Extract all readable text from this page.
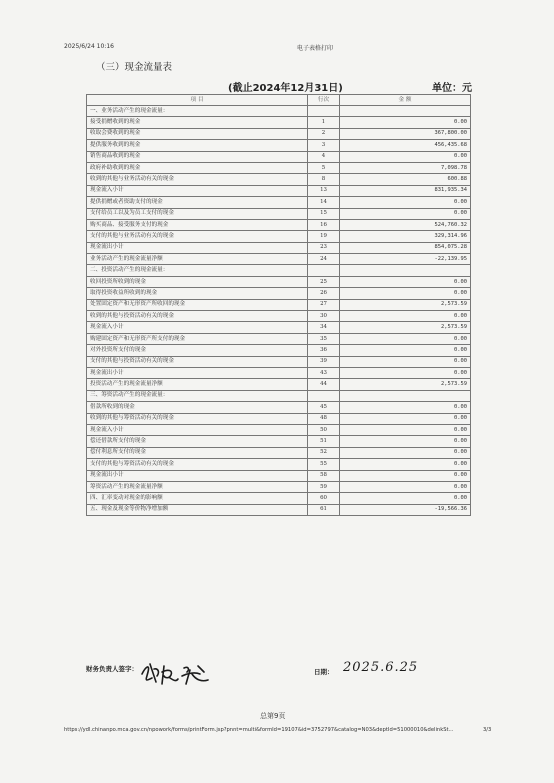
2025/6/24 10:16	电子表格打印
（三）现金流量表
(截止2024年12月31日)	单位：元
项 目	行次	金 额
一、业务活动产生的现金流量：		
接受捐赠收到的现金	1	0.00
收取会费收到的现金	2	367,800.00
提供服务收到的现金	3	456,435.68
销售商品收到的现金	4	0.00
政府补助收到的现金	5	7,098.78
收到的其他与业务活动有关的现金	8	600.88
现金流入小计	13	831,935.34
提供捐赠或者资助支付的现金	14	0.00
支付给员工以及为员工支付的现金	15	0.00
购买商品、接受服务支付的现金	16	524,760.32
支付的其他与业务活动有关的现金	19	329,314.96
现金流出小计	23	854,075.28
业务活动产生的现金流量净额	24	-22,139.95
二、投资活动产生的现金流量：		
收回投资所收到的现金	25	0.00
取得投资收益所收到的现金	26	0.00
处置固定资产和无形资产所收回的现金	27	2,573.59
收到的其他与投资活动有关的现金	30	0.00
现金流入小计	34	2,573.59
购建固定资产和无形资产所支付的现金	35	0.00
对外投资所支付的现金	36	0.00
支付的其他与投资活动有关的现金	39	0.00
现金流出小计	43	0.00
投资活动产生的现金流量净额	44	2,573.59
三、筹资活动产生的现金流量：		
借款所收到的现金	45	0.00
收到的其他与筹资活动有关的现金	48	0.00
现金流入小计	50	0.00
偿还借款所支付的现金	51	0.00
偿付利息所支付的现金	52	0.00
支付的其他与筹资活动有关的现金	55	0.00
现金流出小计	58	0.00
筹资活动产生的现金流量净额	59	0.00
四、汇率变动对现金的影响额	60	0.00
五、现金及现金等价物净增加额	61	-19,566.36
财务负责人签字：	日期： 2025.6.25
总第9页
https://ydl.chinanpo.mca.gov.cn/npowork/forms/printForm.jsp?pnnt=multi&formId=19107&id=3752797&catalog=N03&deptId=51000010&delinkSt...	3/3
